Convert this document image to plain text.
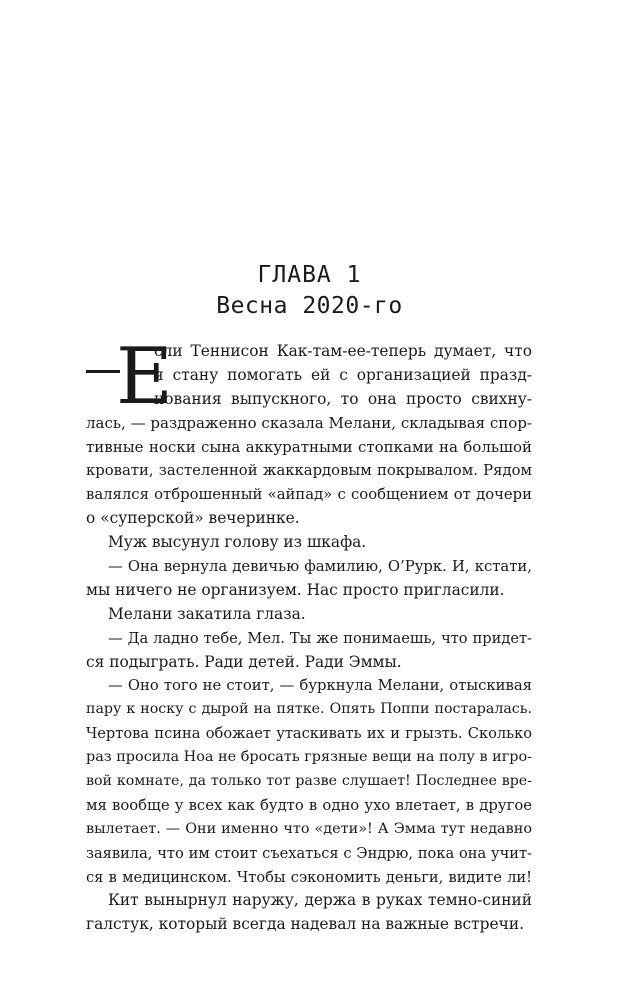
ГЛАВА 1
Весна 2020-го
Е
сли Теннисон Как-там-ее-теперь думает, что
я стану помогать ей с организацией празд-
нования выпускного, то она просто свихну-
лась, — раздраженно сказала Мелани, складывая спор-
тивные носки сына аккуратными стопками на большой
кровати, застеленной жаккардовым покрывалом. Рядом
валялся отброшенный «айпад» с сообщением от дочери
о «суперской» вечеринке.
Муж высунул голову из шкафа.
— Она вернула девичью фамилию, О’Рурк. И, кстати,
мы ничего не организуем. Нас просто пригласили.
Мелани закатила глаза.
— Да ладно тебе, Мел. Ты же понимаешь, что придет-
ся подыграть. Ради детей. Ради Эммы.
— Оно того не стоит, — буркнула Мелани, отыскивая
пару к носку с дырой на пятке. Опять Поппи постаралась.
Чертова псина обожает утаскивать их и грызть. Сколько
раз просила Ноа не бросать грязные вещи на полу в игро-
вой комнате, да только тот разве слушает! Последнее вре-
мя вообще у всех как будто в одно ухо влетает, в другое
вылетает. — Они именно что «дети»! А Эмма тут недавно
заявила, что им стоит съехаться с Эндрю, пока она учит-
ся в медицинском. Чтобы сэкономить деньги, видите ли!
Кит вынырнул наружу, держа в руках темно-синий
галстук, который всегда надевал на важные встречи.
